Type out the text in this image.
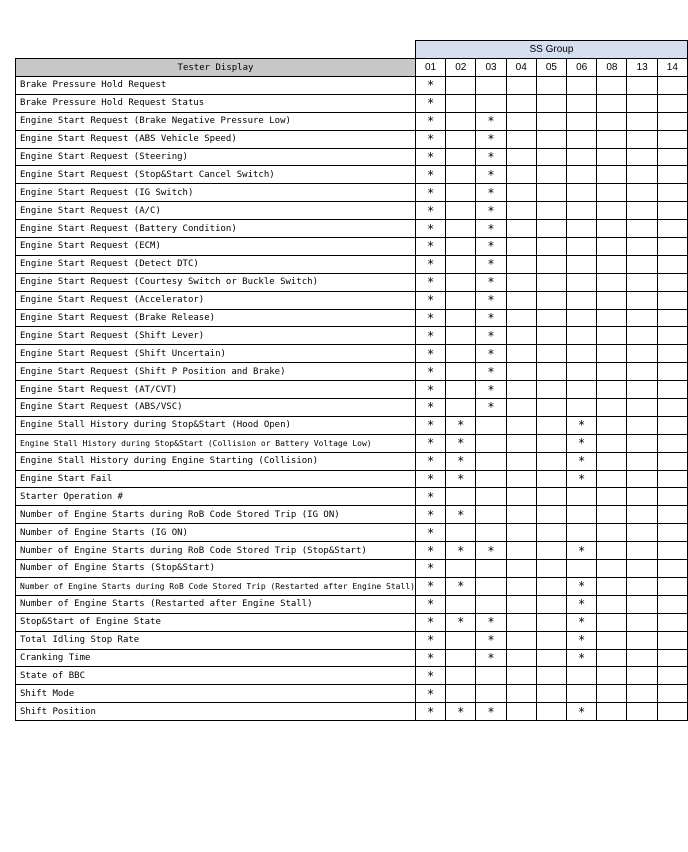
	SS Group								
Tester Display	01	02	03	04	05	06	08	13	14
Brake Pressure Hold Request	*								
Brake Pressure Hold Request Status	*								
Engine Start Request (Brake Negative Pressure Low)	*		*						
Engine Start Request (ABS Vehicle Speed)	*		*						
Engine Start Request (Steering)	*		*						
Engine Start Request (Stop&Start Cancel Switch)	*		*						
Engine Start Request (IG Switch)	*		*						
Engine Start Request (A/C)	*		*						
Engine Start Request (Battery Condition)	*		*						
Engine Start Request (ECM)	*		*						
Engine Start Request (Detect DTC)	*		*						
Engine Start Request (Courtesy Switch or Buckle Switch)	*		*						
Engine Start Request (Accelerator)	*		*						
Engine Start Request (Brake Release)	*		*						
Engine Start Request (Shift Lever)	*		*						
Engine Start Request (Shift Uncertain)	*		*						
Engine Start Request (Shift P Position and Brake)	*		*						
Engine Start Request (AT/CVT)	*		*						
Engine Start Request (ABS/VSC)	*		*						
Engine Stall History during Stop&Start (Hood Open)	*	*				*			
Engine Stall History during Stop&Start (Collision or Battery Voltage Low)	*	*				*			
Engine Stall History during Engine Starting (Collision)	*	*				*			
Engine Start Fail	*	*				*			
Starter Operation #	*								
Number of Engine Starts during RoB Code Stored Trip (IG ON)	*	*							
Number of Engine Starts (IG ON)	*								
Number of Engine Starts during RoB Code Stored Trip (Stop&Start)	*	*	*			*			
Number of Engine Starts (Stop&Start)	*								
Number of Engine Starts during RoB Code Stored Trip (Restarted after Engine Stall)	*	*				*			
Number of Engine Starts (Restarted after Engine Stall)	*					*			
Stop&Start of Engine State	*	*	*			*			
Total Idling Stop Rate	*		*			*			
Cranking Time	*		*			*			
State of BBC	*								
Shift Mode	*								
Shift Position	*	*	*			*			
